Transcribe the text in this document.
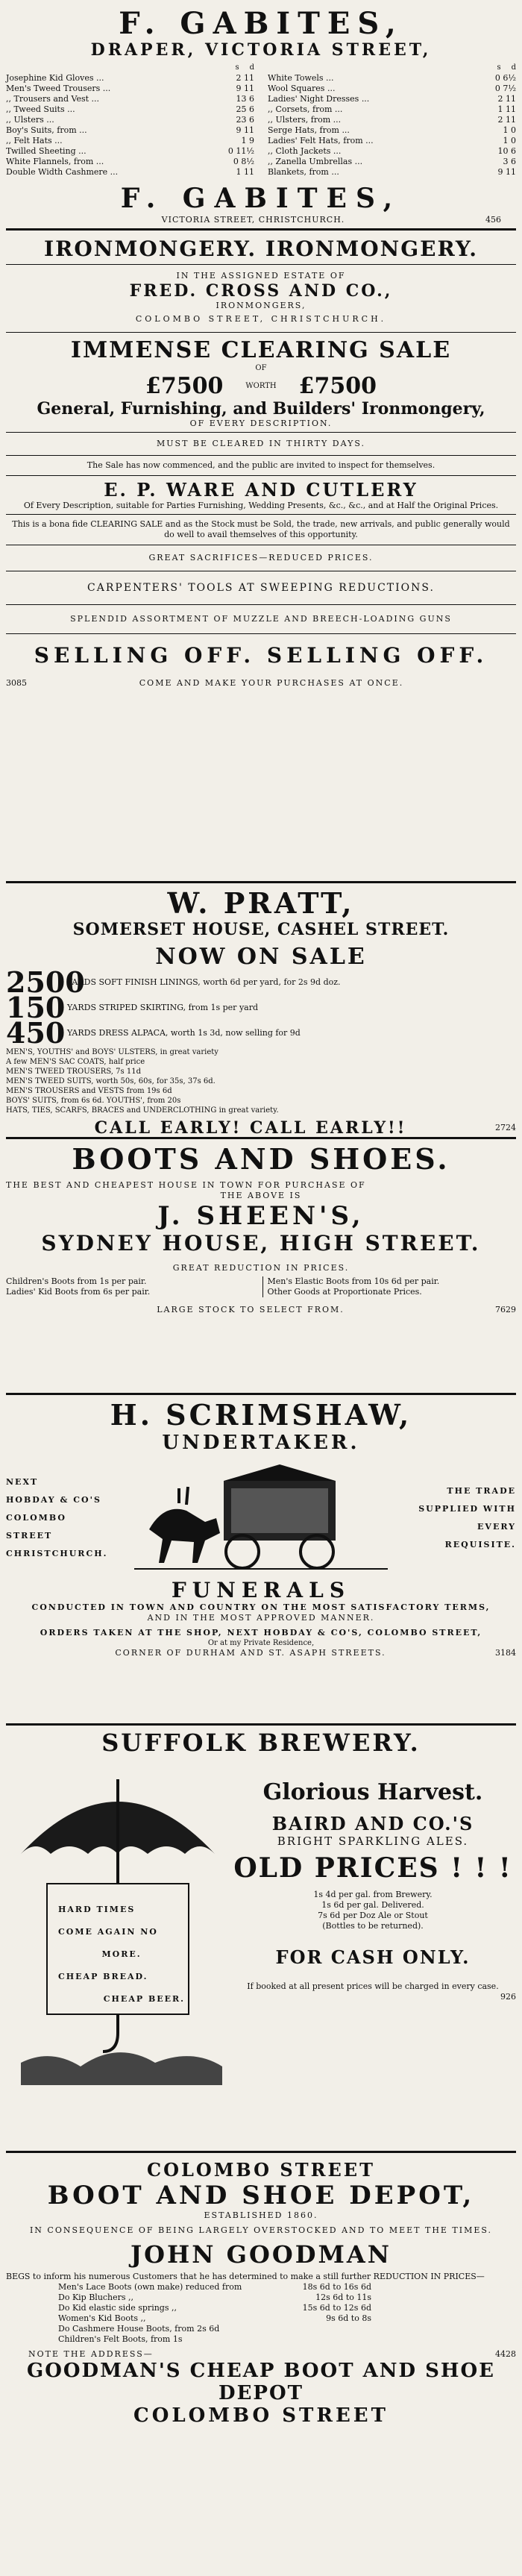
F. GABITES,
DRAPER, VICTORIA STREET,
s d
Josephine Kid Gloves ...	2 11
Men's Tweed Trousers ...	9 11
,, Trousers and Vest ...	13 6
,, Tweed Suits ...	25 6
,, Ulsters ...	23 6
Boy's Suits, from ...	9 11
,, Felt Hats ...	1 9
Twilled Sheeting ...	0 11½
White Flannels, from ...	0 8½
Double Width Cashmere ...	1 11
s d
White Towels ...	0 6½
Wool Squares ...	0 7½
Ladies' Night Dresses ...	2 11
,, Corsets, from ...	1 11
,, Ulsters, from ...	2 11
Serge Hats, from ...	1 0
Ladies' Felt Hats, from ...	1 0
,, Cloth Jackets ...	10 6
,, Zanella Umbrellas ...	3 6
Blankets, from ...	9 11
F. GABITES,
VICTORIA STREET, CHRISTCHURCH.	456
IRONMONGERY. IRONMONGERY.
IN THE ASSIGNED ESTATE OF
FRED. CROSS AND CO.,
IRONMONGERS,
COLOMBO STREET, CHRISTCHURCH.
IMMENSE CLEARING SALE
OF
£7500	WORTH £7500
General, Furnishing, and Builders' Ironmongery,
OF EVERY DESCRIPTION.
MUST BE CLEARED IN THIRTY DAYS.
The Sale has now commenced, and the public are invited to inspect for themselves.
E. P. WARE AND CUTLERY
Of Every Description, suitable for Parties Furnishing, Wedding Presents, &c., &c., and at Half the Original Prices.
This is a bona fide CLEARING SALE and as the Stock must be Sold, the trade, new arrivals, and public generally would do well to avail themselves of this opportunity.
GREAT SACRIFICES—REDUCED PRICES.
CARPENTERS' TOOLS AT SWEEPING REDUCTIONS.
SPLENDID ASSORTMENT OF MUZZLE AND BREECH-LOADING GUNS
SELLING OFF. SELLING OFF.
3085	COME AND MAKE YOUR PURCHASES AT ONCE.
W. PRATT,
SOMERSET HOUSE, CASHEL STREET.
NOW ON SALE
2500
YARDS SOFT FINISH LININGS, worth 6d per yard, for 2s 9d doz.
150 YARDS STRIPED SKIRTING, from 1s per yard
450 YARDS DRESS ALPACA, worth 1s 3d, now selling for 9d
MEN'S, YOUTHS' and BOYS' ULSTERS, in great variety
A few MEN'S SAC COATS, half price
MEN'S TWEED TROUSERS, 7s 11d
MEN'S TWEED SUITS, worth 50s, 60s, for 35s, 37s 6d.
MEN'S TROUSERS and VESTS from 19s 6d
BOYS' SUITS, from 6s 6d. YOUTHS', from 20s
HATS, TIES, SCARFS, BRACES and UNDERCLOTHING in great variety.
CALL EARLY! CALL EARLY!!	2724
BOOTS AND SHOES.
THE BEST AND CHEAPEST HOUSE IN TOWN FOR PURCHASE OF
THE ABOVE IS
J. SHEEN'S,
SYDNEY HOUSE, HIGH STREET.
GREAT REDUCTION IN PRICES.
Children's Boots from 1s per pair.
Ladies' Kid Boots from 6s per pair.
Men's Elastic Boots from 10s 6d per pair.
Other Goods at Proportionate Prices.
LARGE STOCK TO SELECT FROM.	7629
H. SCRIMSHAW,
UNDERTAKER.
NEXT
HOBDAY & CO'S
COLOMBO STREET
CHRISTCHURCH.
THE TRADE
SUPPLIED WITH
EVERY
REQUISITE.
FUNERALS
CONDUCTED IN TOWN AND COUNTRY ON THE MOST SATISFACTORY TERMS,
AND IN THE MOST APPROVED MANNER.
ORDERS TAKEN AT THE SHOP, NEXT HOBDAY & CO'S, COLOMBO STREET,
Or at my Private Residence,
CORNER OF DURHAM AND ST. ASAPH STREETS.	3184
SUFFOLK BREWERY.
HARD TIMES
COME AGAIN NO
MORE.
CHEAP BREAD.
CHEAP BEER.
Glorious Harvest.
BAIRD AND CO.'S
BRIGHT SPARKLING ALES.
OLD PRICES ! ! !
1s 4d per gal. from Brewery.
1s 6d per gal. Delivered.
7s 6d per Doz Ale or Stout
(Bottles to be returned).
FOR CASH ONLY.
If booked at all present prices will be charged in every case.
926
COLOMBO STREET
BOOT AND SHOE DEPOT,
ESTABLISHED 1860.
IN CONSEQUENCE OF BEING LARGELY OVERSTOCKED AND TO MEET THE TIMES.
JOHN GOODMAN
BEGS to inform his numerous Customers that he has determined to make a still further REDUCTION IN PRICES—
Men's Lace Boots (own make) reduced from	18s 6d to 16s 6d
Do Kip Bluchers ,,	12s 6d to 11s
Do Kid elastic side springs ,,	15s 6d to 12s 6d
Women's Kid Boots ,,	9s 6d to 8s
Do Cashmere House Boots, from 2s 6d
Children's Felt Boots, from 1s
NOTE THE ADDRESS—	4428
GOODMAN'S CHEAP BOOT AND SHOE DEPOT
COLOMBO STREET
